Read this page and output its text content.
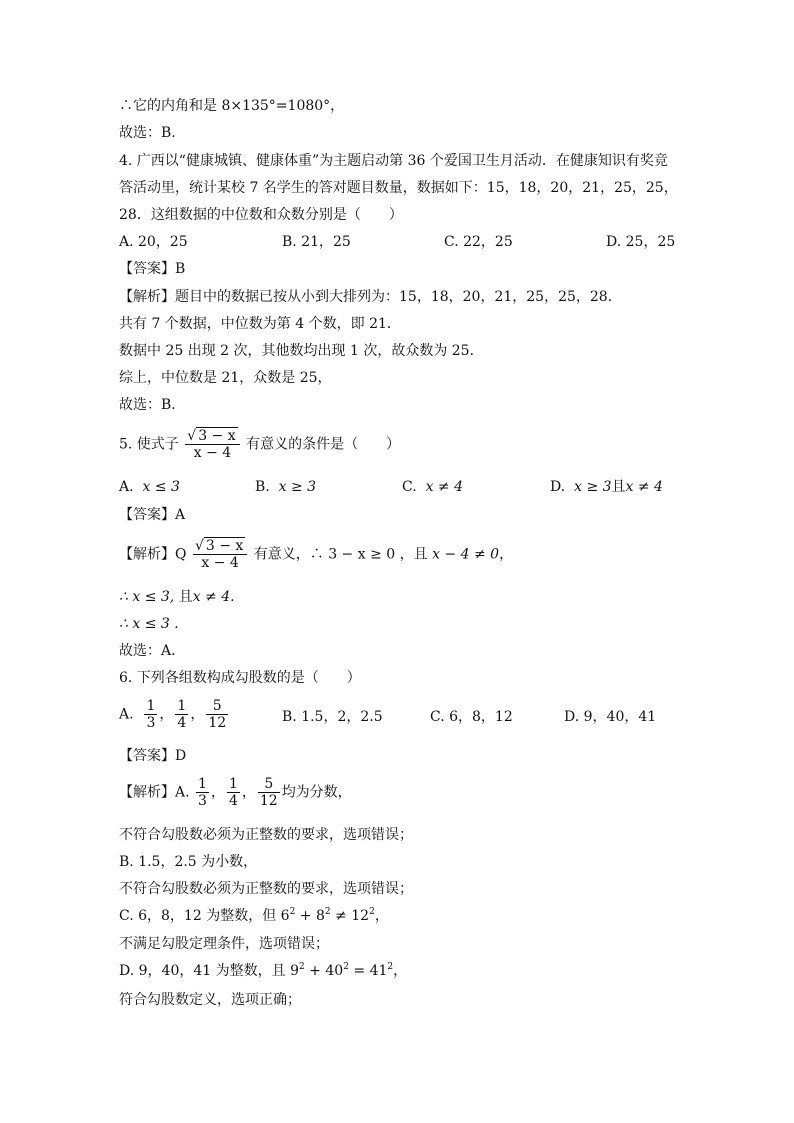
∴它的内角和是 8×135°=1080°，
故选：B.
4. 广西以“健康城镇、健康体重”为主题启动第 36 个爱国卫生月活动．在健康知识有奖竞
答活动里，统计某校 7 名学生的答对题目数量，数据如下：15，18，20，21，25，25，
28．这组数据的中位数和众数分别是（　　）
A. 20，25	B. 21，25	C. 22，25	D. 25，25
【答案】B
【解析】题目中的数据已按从小到大排列为：15，18，20，21，25，25，28．
共有 7 个数据，中位数为第 4 个数，即 21．
数据中 25 出现 2 次，其他数均出现 1 次，故众数为 25．
综上，中位数是 21，众数是 25，
故选：B．
5. 使式子 $\frac{√ 3 - x}{x - 4}$ 有意义的条件是（　　）
A. x ≤ 3	B. x ≥ 3	C. x ≠ 4	D. x ≥ 3且x ≠ 4
【答案】A
【解析】Q $\frac{√ 3 - x}{x - 4}$ 有意义，∴ 3 − x ≥ 0 ，且 x − 4 ≠ 0，
∴ x ≤ 3, 且x ≠ 4.
∴ x ≤ 3 .
故选：A．
6. 下列各组数构成勾股数的是（　　）
A. $\frac{1}{3}$ ， $\frac{1}{4}$ ， $\frac{5}{12}$	B. 1.5，2，2.5	C. 6，8，12	D. 9，40，41
【答案】D
【解析】A. $\frac{1}{3}$ ， $\frac{1}{4}$ ， $\frac{5}{12}$ 均为分数，
不符合勾股数必须为正整数的要求，选项错误；
B. 1.5，2.5 为小数，
不符合勾股数必须为正整数的要求，选项错误；
C. 6，8，12 为整数，但 $6^2 + 8^2 \ne 12^2$，
不满足勾股定理条件，选项错误；
D. 9，40，41 为整数，且 $9^2 + 40^2 = 41^2$，
符合勾股数定义，选项正确；
